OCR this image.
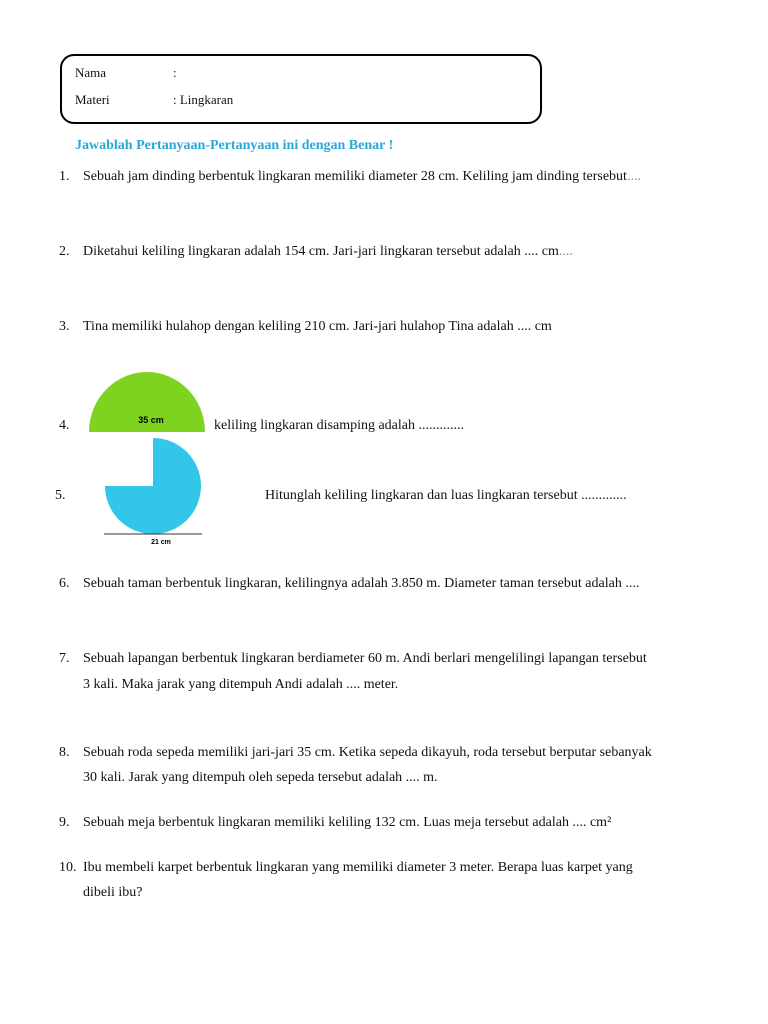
Nama	:
Materi	: Lingkaran
Jawablah Pertanyaan-Pertanyaan ini dengan Benar !
1. Sebuah jam dinding berbentuk lingkaran memiliki diameter 28 cm. Keliling jam dinding tersebut....
2. Diketahui keliling lingkaran adalah 154 cm. Jari-jari lingkaran tersebut adalah .... cm....
3. Tina memiliki hulahop dengan keliling 210 cm. Jari-jari hulahop Tina adalah .... cm
35 cm
4.	keliling lingkaran disamping adalah .............
21 cm
5.	Hitunglah keliling lingkaran dan luas lingkaran tersebut .............
6. Sebuah taman berbentuk lingkaran, kelilingnya adalah 3.850 m. Diameter taman tersebut adalah ....
7. Sebuah lapangan berbentuk lingkaran berdiameter 60 m. Andi berlari mengelilingi lapangan tersebut
3 kali. Maka jarak yang ditempuh Andi adalah .... meter.
8. Sebuah roda sepeda memiliki jari-jari 35 cm. Ketika sepeda dikayuh, roda tersebut berputar sebanyak
30 kali. Jarak yang ditempuh oleh sepeda tersebut adalah .... m.
9. Sebuah meja berbentuk lingkaran memiliki keliling 132 cm. Luas meja tersebut adalah .... cm²
10. Ibu membeli karpet berbentuk lingkaran yang memiliki diameter 3 meter. Berapa luas karpet yang
dibeli ibu?
